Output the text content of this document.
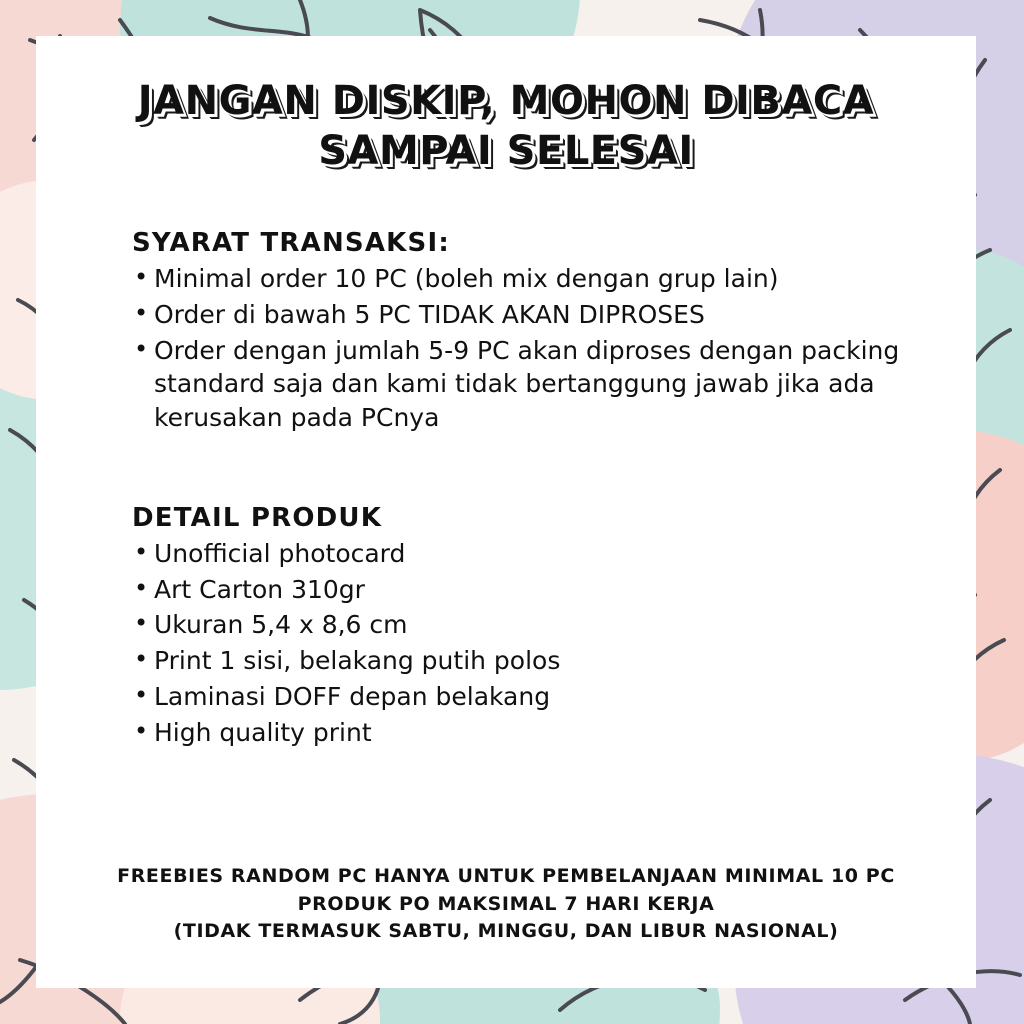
JANGAN DISKIP, MOHON DIBACA
SAMPAI SELESAI
SYARAT TRANSAKSI:
• Minimal order 10 PC (boleh mix dengan grup lain)
• Order di bawah 5 PC TIDAK AKAN DIPROSES
• Order dengan jumlah 5-9 PC akan diproses dengan packing standard saja dan kami tidak bertanggung jawab jika ada kerusakan pada PCnya
DETAIL PRODUK
• Unofficial photocard
• Art Carton 310gr
• Ukuran 5,4 x 8,6 cm
• Print 1 sisi, belakang putih polos
• Laminasi DOFF depan belakang
• High quality print
FREEBIES RANDOM PC HANYA UNTUK PEMBELANJAAN MINIMAL 10 PC
PRODUK PO MAKSIMAL 7 HARI KERJA
(TIDAK TERMASUK SABTU, MINGGU, DAN LIBUR NASIONAL)
